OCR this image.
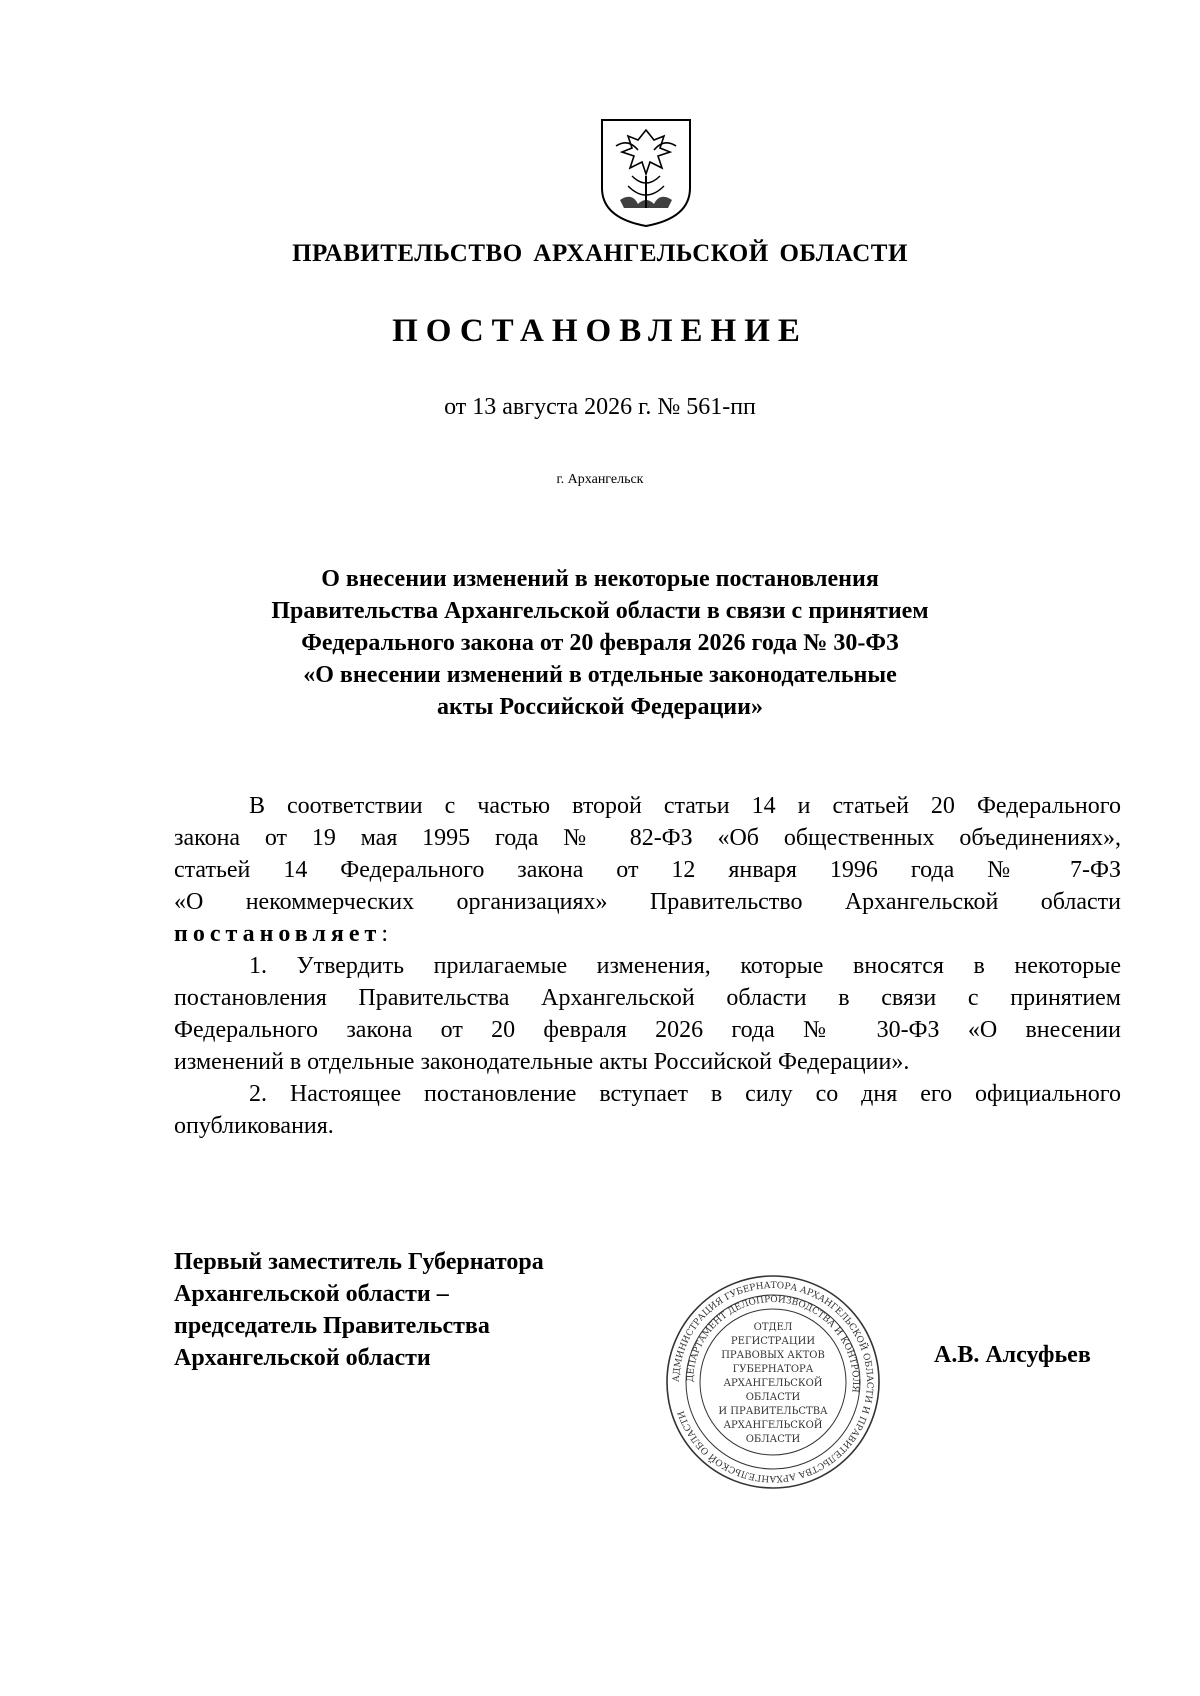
ПРАВИТЕЛЬСТВО АРХАНГЕЛЬСКОЙ ОБЛАСТИ
ПОСТАНОВЛЕНИЕ
от 13 августа 2026 г. № 561-пп
г. Архангельск
О внесении изменений в некоторые постановления
Правительства Архангельской области в связи с принятием
Федерального закона от 20 февраля 2026 года № 30-ФЗ
«О внесении изменений в отдельные законодательные
акты Российской Федерации»

В соответствии с частью второй статьи 14 и статьей 20 Федерального

закона от 19 мая 1995 года № 82-ФЗ «Об общественных объединениях»,

статьей 14 Федерального закона от 12 января 1996 года № 7-ФЗ

«О некоммерческих организациях» Правительство Архангельской области

постановляет:

1. Утвердить прилагаемые изменения, которые вносятся в некоторые

постановления Правительства Архангельской области в связи с принятием

Федерального закона от 20 февраля 2026 года № 30-ФЗ «О внесении

изменений в отдельные законодательные акты Российской Федерации».

2. Настоящее постановление вступает в силу со дня его официального

опубликования.

Первый заместитель Губернатора
Архангельской области –
председатель Правительства
Архангельской области
АДМИНИСТРАЦИЯ ГУБЕРНАТОРА АРХАНГЕЛЬСКОЙ ОБЛАСТИ И ПРАВИТЕЛЬСТВА АРХАНГЕЛЬСКОЙ ОБЛАСТИ
ДЕПАРТАМЕНТ ДЕЛОПРОИЗВОДСТВА И КОНТРОЛЯ
ОТДЕЛ
РЕГИСТРАЦИИ
ПРАВОВЫХ АКТОВ
ГУБЕРНАТОРА
АРХАНГЕЛЬСКОЙ
ОБЛАСТИ
И ПРАВИТЕЛЬСТВА
АРХАНГЕЛЬСКОЙ
ОБЛАСТИ
А.В. Алсуфьев
